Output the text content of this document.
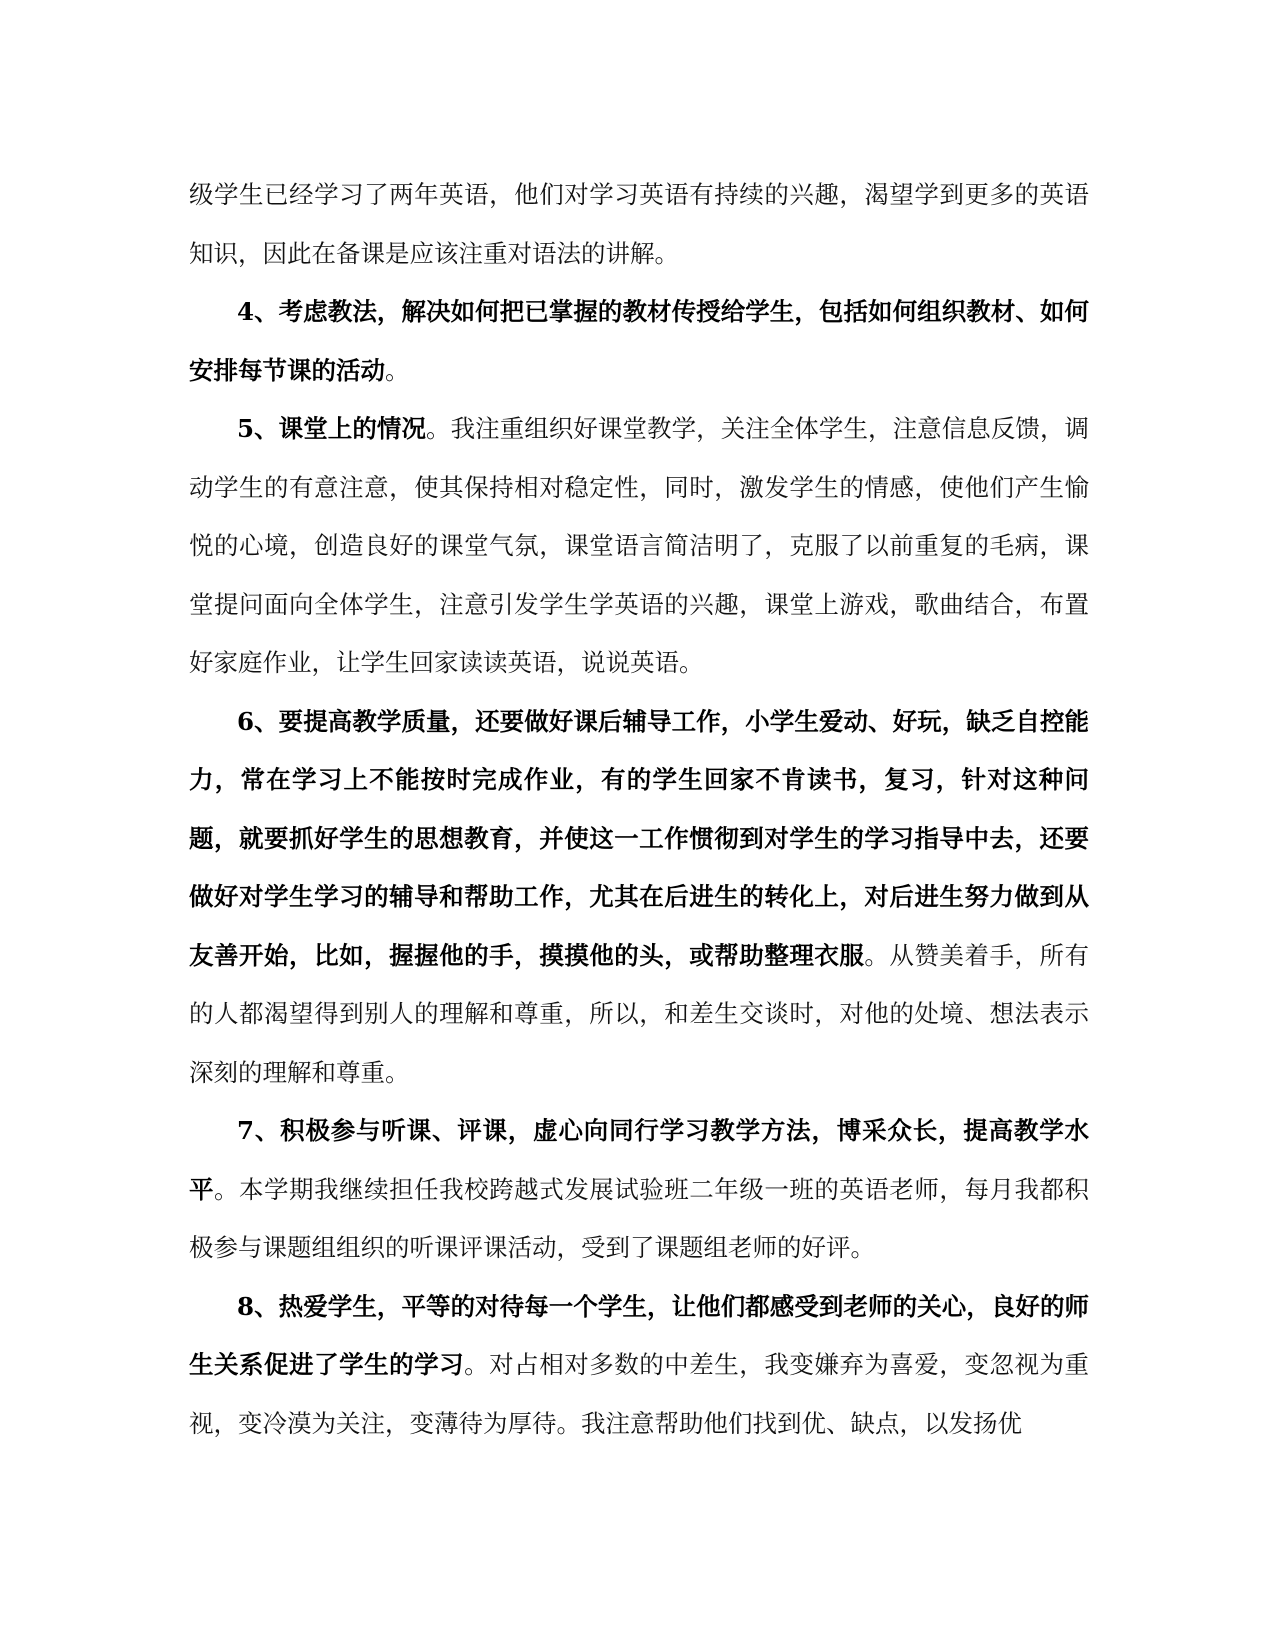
级学生已经学习了两年英语，他们对学习英语有持续的兴趣，渴望学到更多的英语知识，因此在备课是应该注重对语法的讲解。

4、考虑教法，解决如何把已掌握的教材传授给学生，包括如何组织教材、如何安排每节课的活动。

5、课堂上的情况。我注重组织好课堂教学，关注全体学生，注意信息反馈，调动学生的有意注意，使其保持相对稳定性，同时，激发学生的情感，使他们产生愉悦的心境，创造良好的课堂气氛，课堂语言简洁明了，克服了以前重复的毛病，课堂提问面向全体学生，注意引发学生学英语的兴趣，课堂上游戏，歌曲结合，布置好家庭作业，让学生回家读读英语，说说英语。

6、要提高教学质量，还要做好课后辅导工作，小学生爱动、好玩，缺乏自控能力，常在学习上不能按时完成作业，有的学生回家不肯读书，复习，针对这种问题，就要抓好学生的思想教育，并使这一工作惯彻到对学生的学习指导中去，还要做好对学生学习的辅导和帮助工作，尤其在后进生的转化上，对后进生努力做到从友善开始，比如，握握他的手，摸摸他的头，或帮助整理衣服。从赞美着手，所有的人都渴望得到别人的理解和尊重，所以，和差生交谈时，对他的处境、想法表示深刻的理解和尊重。

7、积极参与听课、评课，虚心向同行学习教学方法，博采众长，提高教学水平。本学期我继续担任我校跨越式发展试验班二年级一班的英语老师，每月我都积极参与课题组组织的听课评课活动，受到了课题组老师的好评。

8、热爱学生，平等的对待每一个学生，让他们都感受到老师的关心，良好的师生关系促进了学生的学习。对占相对多数的中差生，我变嫌弃为喜爱，变忽视为重视，变冷漠为关注，变薄待为厚待。我注意帮助他们找到优、缺点，以发扬优
